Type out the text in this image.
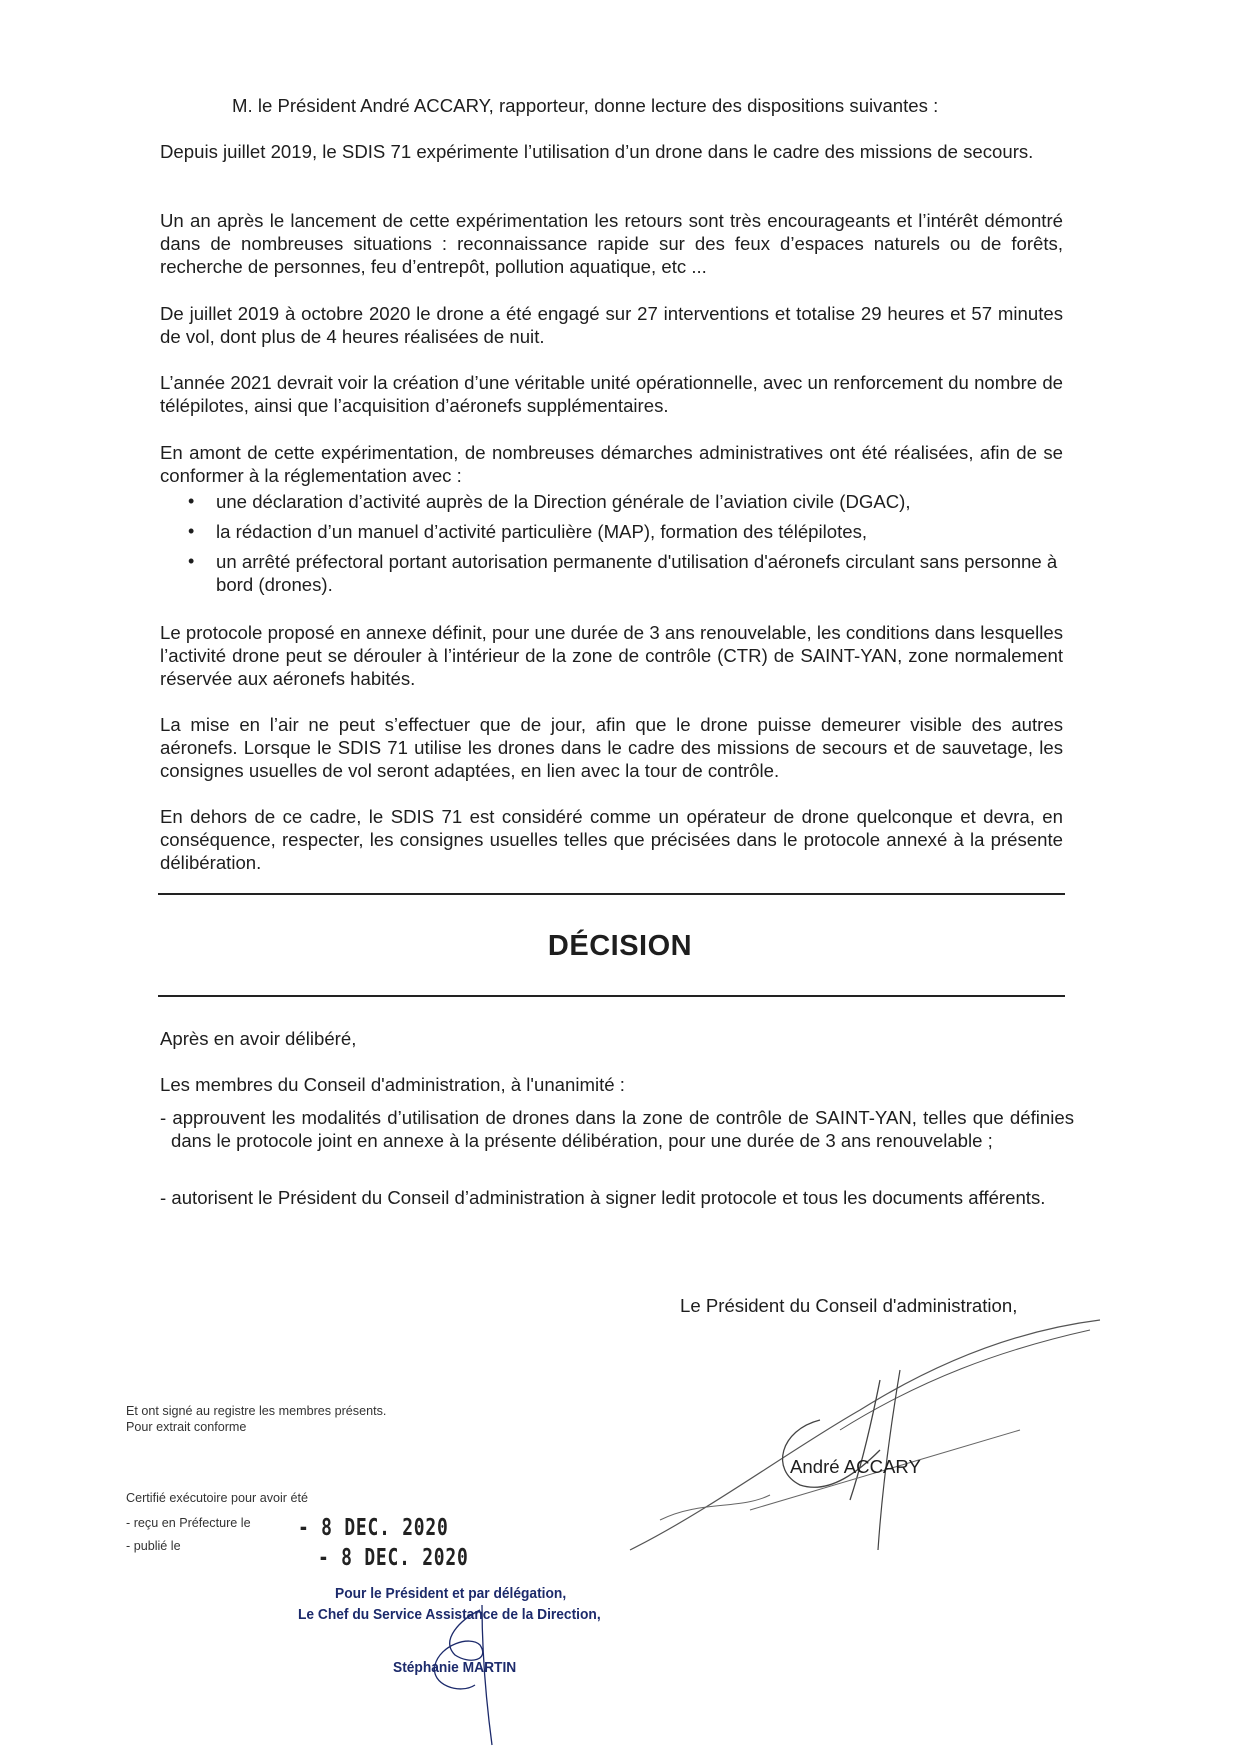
M. le Président André ACCARY, rapporteur, donne lecture des dispositions suivantes :

Depuis juillet 2019, le SDIS 71 expérimente l’utilisation d’un drone dans le cadre des missions de secours.

Un an après le lancement de cette expérimentation les retours sont très encourageants et l’intérêt démontré dans de nombreuses situations : reconnaissance rapide sur des feux d’espaces naturels ou de forêts, recherche de personnes, feu d’entrepôt, pollution aquatique, etc ...

De juillet 2019 à octobre 2020 le drone a été engagé sur 27 interventions et totalise 29 heures et 57 minutes de vol, dont plus de 4 heures réalisées de nuit.

L’année 2021 devrait voir la création d’une véritable unité opérationnelle, avec un renforcement du nombre de télépilotes, ainsi que l’acquisition d’aéronefs supplémentaires.

En amont de cette expérimentation, de nombreuses démarches administratives ont été réalisées, afin de se conformer à la réglementation avec :

• une déclaration d’activité auprès de la Direction générale de l’aviation civile (DGAC),
• la rédaction d’un manuel d’activité particulière (MAP), formation des télépilotes,
• un arrêté préfectoral portant autorisation permanente d'utilisation d'aéronefs circulant sans personne à bord (drones).

Le protocole proposé en annexe définit, pour une durée de 3 ans renouvelable, les conditions dans lesquelles l’activité drone peut se dérouler à l’intérieur de la zone de contrôle (CTR) de SAINT-YAN, zone normalement réservée aux aéronefs habités.

La mise en l’air ne peut s’effectuer que de jour, afin que le drone puisse demeurer visible des autres aéronefs. Lorsque le SDIS 71 utilise les drones dans le cadre des missions de secours et de sauvetage, les consignes usuelles de vol seront adaptées, en lien avec la tour de contrôle.

En dehors de ce cadre, le SDIS 71 est considéré comme un opérateur de drone quelconque et devra, en conséquence, respecter, les consignes usuelles telles que précisées dans le protocole annexé à la présente délibération.

DÉCISION

Après en avoir délibéré,

Les membres du Conseil d'administration, à l'unanimité :

- approuvent les modalités d’utilisation de drones dans la zone de contrôle de SAINT-YAN, telles que définies dans le protocole joint en annexe à la présente délibération, pour une durée de 3 ans renouvelable ;

- autorisent le Président du Conseil d’administration à signer ledit protocole et tous les documents afférents.

Le Président du Conseil d'administration,

André ACCARY

Et ont signé au registre les membres présents.

Pour extrait conforme

Certifié exécutoire pour avoir été

- reçu en Préfecture le

- publié le

- 8 DEC. 2020

- 8 DEC. 2020

Pour le Président et par délégation,

Le Chef du Service Assistance de la Direction,

Stéphanie MARTIN
